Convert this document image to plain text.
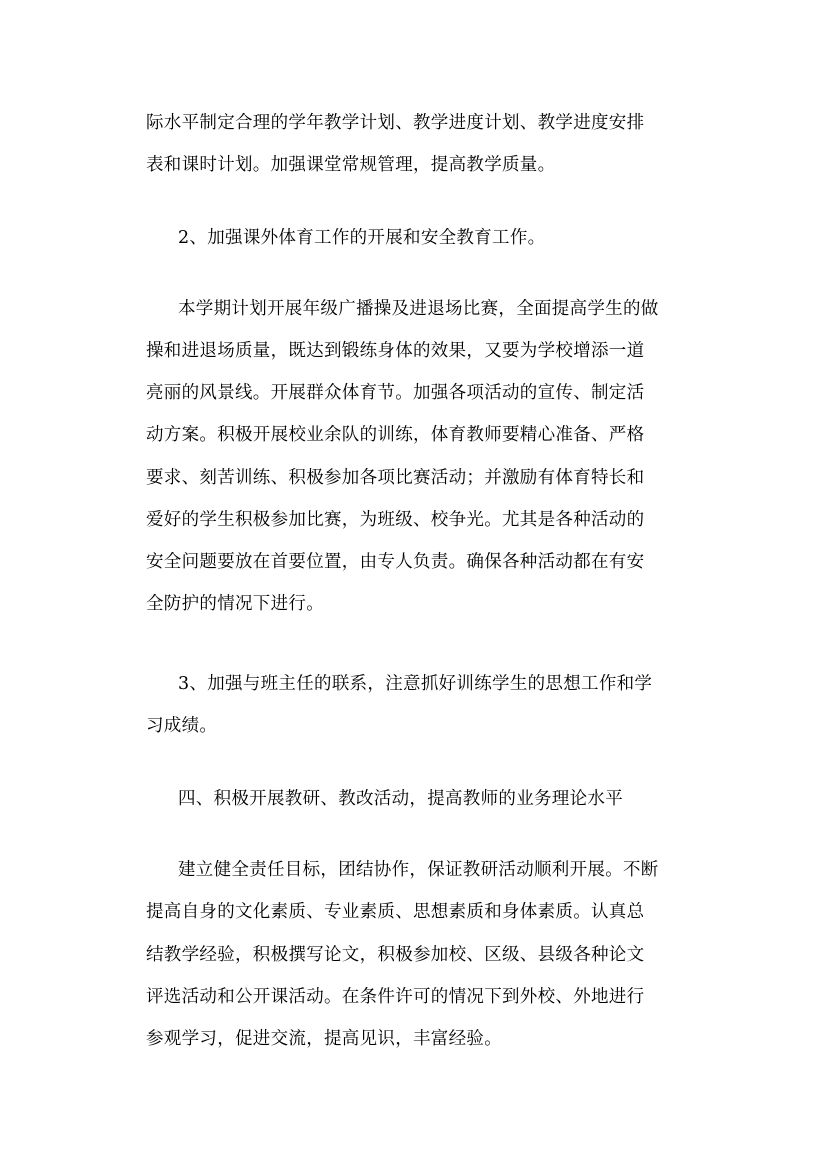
际水平制定合理的学年教学计划、教学进度计划、教学进度安排
表和课时计划。加强课堂常规管理，提高教学质量。
2、加强课外体育工作的开展和安全教育工作。
本学期计划开展年级广播操及进退场比赛，全面提高学生的做
操和进退场质量，既达到锻练身体的效果，又要为学校增添一道
亮丽的风景线。开展群众体育节。加强各项活动的宣传、制定活
动方案。积极开展校业余队的训练，体育教师要精心准备、严格
要求、刻苦训练、积极参加各项比赛活动；并激励有体育特长和
爱好的学生积极参加比赛，为班级、校争光。尤其是各种活动的
安全问题要放在首要位置，由专人负责。确保各种活动都在有安
全防护的情况下进行。
3、加强与班主任的联系，注意抓好训练学生的思想工作和学
习成绩。
四、积极开展教研、教改活动，提高教师的业务理论水平
建立健全责任目标，团结协作，保证教研活动顺利开展。不断
提高自身的文化素质、专业素质、思想素质和身体素质。认真总
结教学经验，积极撰写论文，积极参加校、区级、县级各种论文
评选活动和公开课活动。在条件许可的情况下到外校、外地进行
参观学习，促进交流，提高见识，丰富经验。
